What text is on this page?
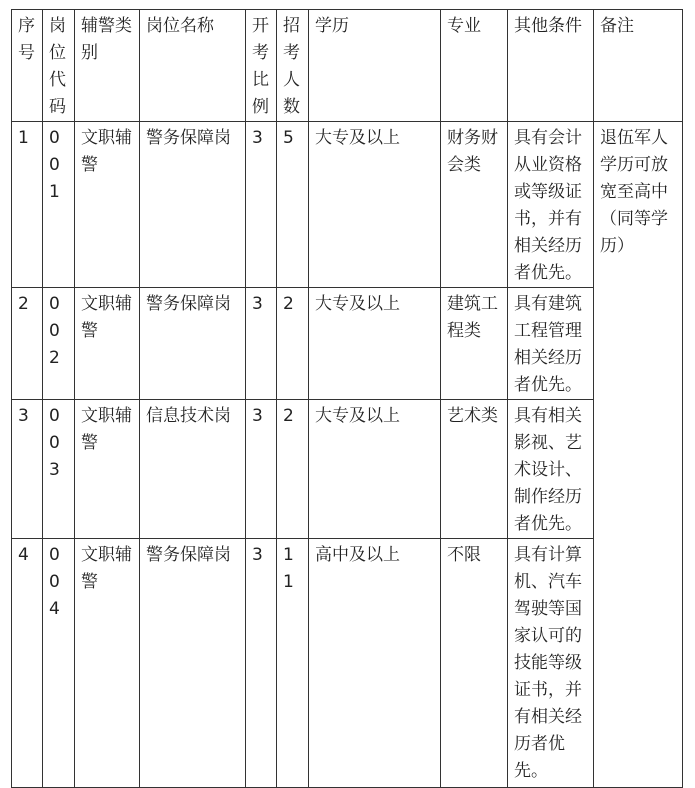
序号	岗位代码	辅警类别	岗位名称	开考比例	招考人数	学历	专业	其他条件	备注
1	001	文职辅警	警务保障岗	3	5	大专及以上	财务财会类	具有会计从业资格或等级证书，并有相关经历者优先。	退伍军人学历可放宽至高中（同等学历）
2	002	文职辅警	警务保障岗	3	2	大专及以上	建筑工程类	具有建筑工程管理相关经历者优先。	
3	003	文职辅警	信息技术岗	3	2	大专及以上	艺术类	具有相关影视、艺术设计、制作经历者优先。	
4	004	文职辅警	警务保障岗	3	11	高中及以上	不限	具有计算机、汽车驾驶等国家认可的技能等级证书，并有相关经历者优先。	
